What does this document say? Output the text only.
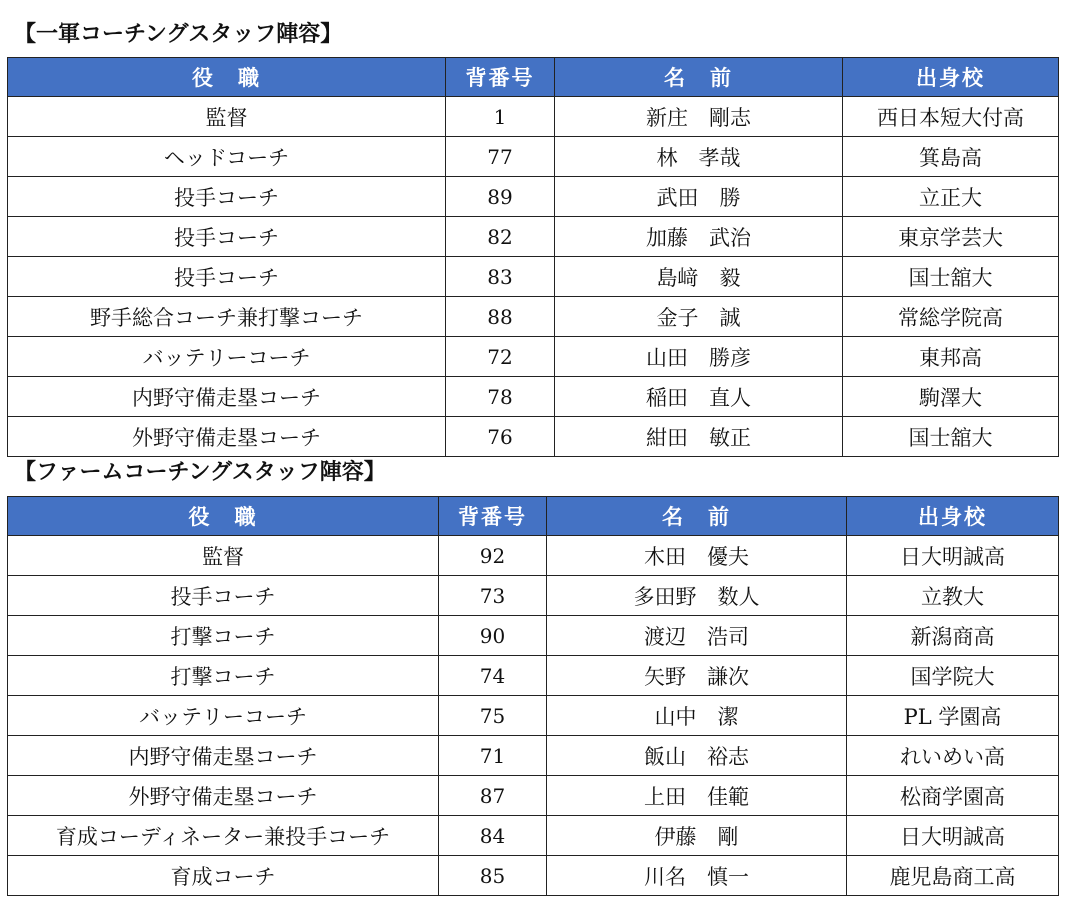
【一軍コーチングスタッフ陣容】
役　職	背番号	名　前	出身校
監督	1	新庄　剛志	西日本短大付高
ヘッドコーチ	77	林　孝哉	箕島高
投手コーチ	89	武田　勝	立正大
投手コーチ	82	加藤　武治	東京学芸大
投手コーチ	83	島﨑　毅	国士舘大
野手総合コーチ兼打撃コーチ	88	金子　誠	常総学院高
バッテリーコーチ	72	山田　勝彦	東邦高
内野守備走塁コーチ	78	稲田　直人	駒澤大
外野守備走塁コーチ	76	紺田　敏正	国士舘大
【ファームコーチングスタッフ陣容】
役　職	背番号	名　前	出身校
監督	92	木田　優夫	日大明誠高
投手コーチ	73	多田野　数人	立教大
打撃コーチ	90	渡辺　浩司	新潟商高
打撃コーチ	74	矢野　謙次	国学院大
バッテリーコーチ	75	山中　潔	PL 学園高
内野守備走塁コーチ	71	飯山　裕志	れいめい高
外野守備走塁コーチ	87	上田　佳範	松商学園高
育成コーディネーター兼投手コーチ	84	伊藤　剛	日大明誠高
育成コーチ	85	川名　慎一	鹿児島商工高
